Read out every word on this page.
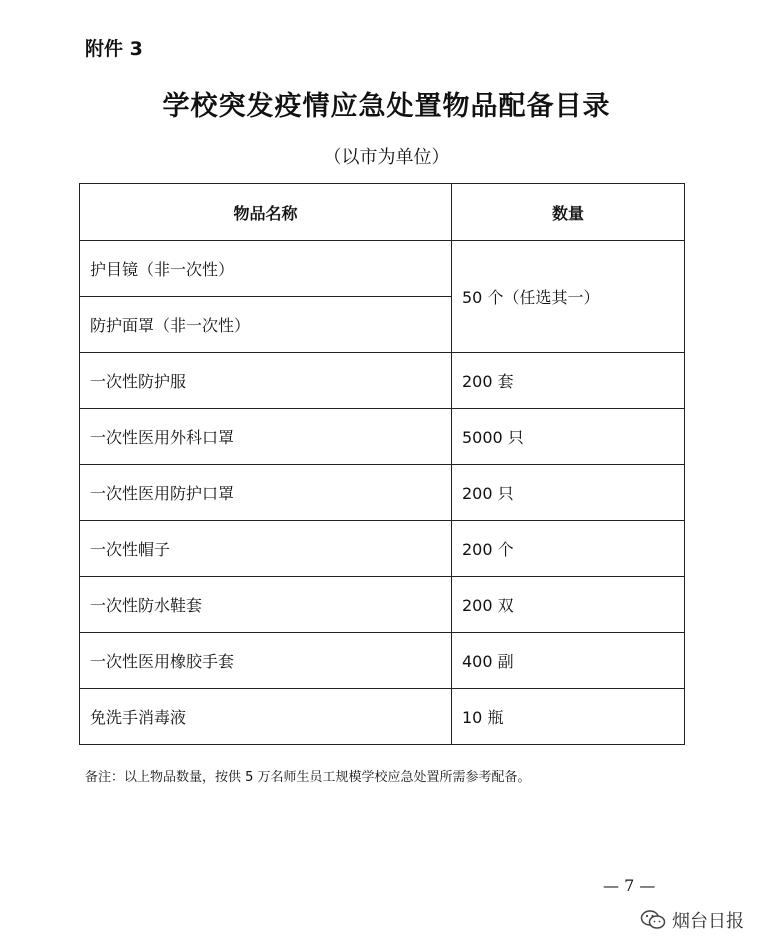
附件 3
学校突发疫情应急处置物品配备目录
（以市为单位）
物品名称	数量
护目镜（非一次性）	50 个（任选其一）
防护面罩（非一次性）	
一次性防护服	200 套
一次性医用外科口罩	5000 只
一次性医用防护口罩	200 只
一次性帽子	200 个
一次性防水鞋套	200 双
一次性医用橡胶手套	400 副
免洗手消毒液	10 瓶
备注：以上物品数量，按供 5 万名师生员工规模学校应急处置所需参考配备。
— 7 —
烟台日报
